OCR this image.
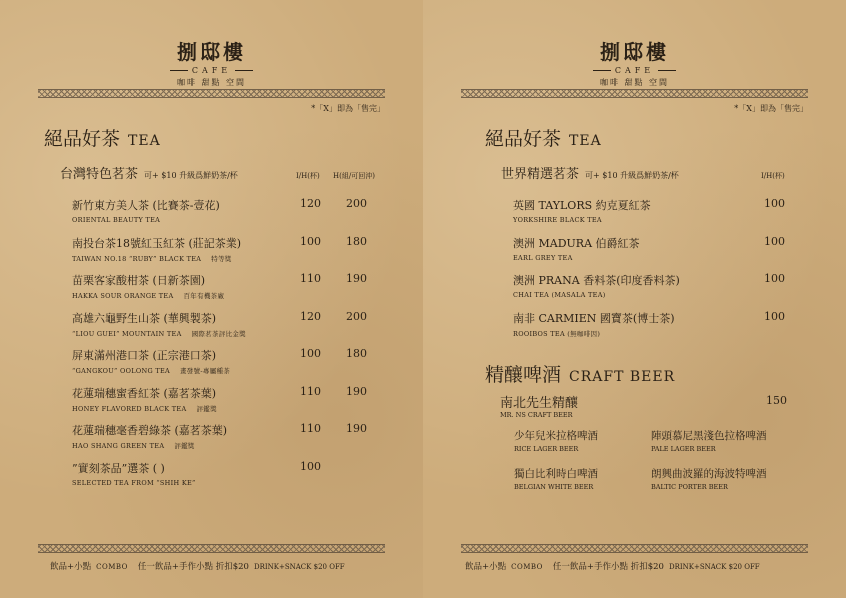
捌邸樓
CAFE
咖啡 甜點 空間
*「X」即為「售完」
絕品好茶 TEA
台灣特色茗茶 可+ $10 升級爲鮮奶茶/杯	I/H(杯) H(組/可回沖)
新竹東方美人茶 (比賽茶-壹花)
ORIENTAL BEAUTY TEA
120 200
南投台茶18號紅玉紅茶 (莊記茶業)
TAIWAN NO.18 “RUBY” BLACK TEA 特等獎
100 180
苗栗客家酸柑茶 (日新茶園)
HAKKA SOUR ORANGE TEA 百年有機茶廠
110 190
高雄六龜野生山茶 (華興製茶)
“LIOU GUEI” MOUNTAIN TEA 國際茗茶評比金獎
120 200
屏東滿州港口茶 (正宗港口茶)
“GANGKOU” OOLONG TEA 畫發號-專屬種茶
100 180
花蓮瑞穗蜜香紅茶 (嘉茗茶葉)
HONEY FLAVORED BLACK TEA 評鑑獎
110 190
花蓮瑞穗毫香碧綠茶 (嘉茗茶葉)
HAO SHANG GREEN TEA 評鑑獎
110 190
”實刻茶品”選茶 ( )
SELECTED TEA FROM “SHIH KE”
100
飲品+小點 COMBO 任一飲品+手作小點 折扣$20 DRINK+SNACK $20 OFF
捌邸樓
CAFE
咖啡 甜點 空間
*「X」即為「售完」
絕品好茶 TEA
世界精選茗茶 可+ $10 升級爲鮮奶茶/杯	I/H(杯)
英國 TAYLORS 約克夏紅茶
YORKSHIRE BLACK TEA
100
澳洲 MADURA 伯爵紅茶
EARL GREY TEA
100
澳洲 PRANA 香料茶(印度香料茶)
CHAI TEA (MASALA TEA)
100
南非 CARMIEN 國寶茶(博士茶)
ROOIBOS TEA (無咖啡因)
100
精釀啤酒 CRAFT BEER
飲品+小點 COMBO 任一飲品+手作小點 折扣$20 DRINK+SNACK $20 OFF
南北先生精釀
MR. NS CRAFT BEER
150
少年兒米拉格啤酒
RICE LAGER BEER
陣頭慕尼黑淺色拉格啤酒
PALE LAGER BEER
獨白比利時白啤酒
BELGIAN WHITE BEER
朗興曲波羅的海波特啤酒
BALTIC PORTER BEER
